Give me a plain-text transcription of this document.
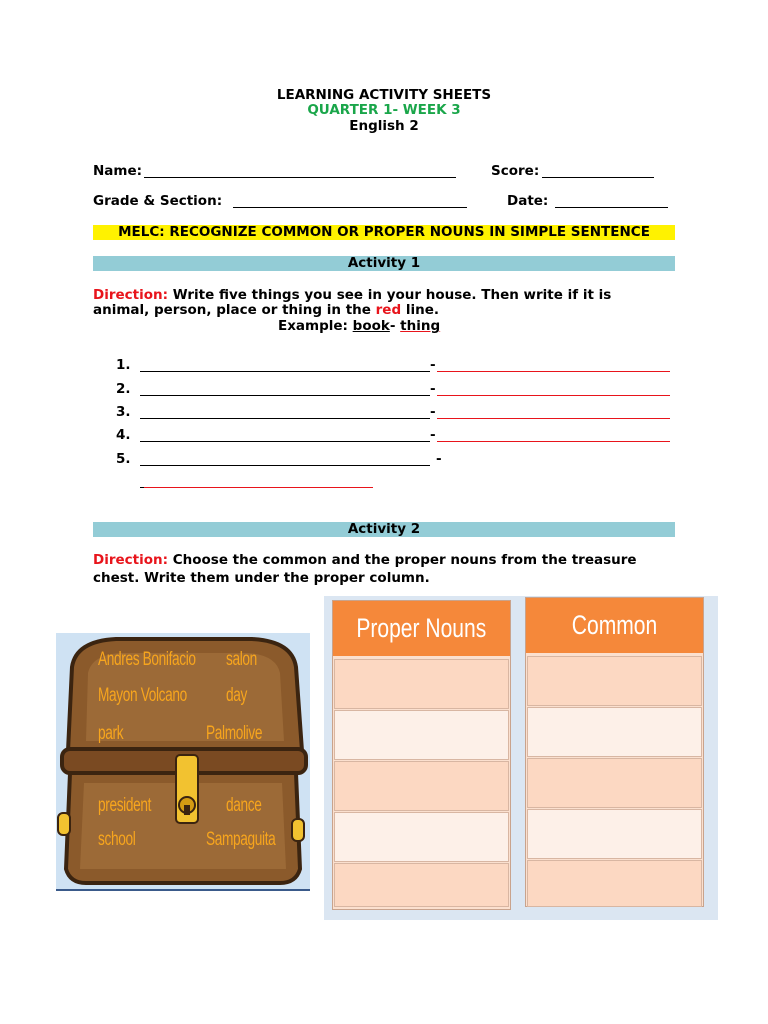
LEARNING ACTIVITY SHEETS
QUARTER 1- WEEK 3
English 2
Name:	Score:
Grade & Section:	Date:
MELC: RECOGNIZE COMMON OR PROPER NOUNS IN SIMPLE SENTENCE
Activity 1
Direction: Write five things you see in your house. Then write if it is
animal, person, place or thing in the red line.
Example: book- thing
1.	-
2.	-
3.	-
4.	-
5.	-
Activity 2
Direction: Choose the common and the proper nouns from the treasure
chest. Write them under the proper column.
Andres Bonifacio
Mayon Volcano
park
president
school
salon
day
Palmolive
dance
Sampaguita
Proper Nouns	Common
